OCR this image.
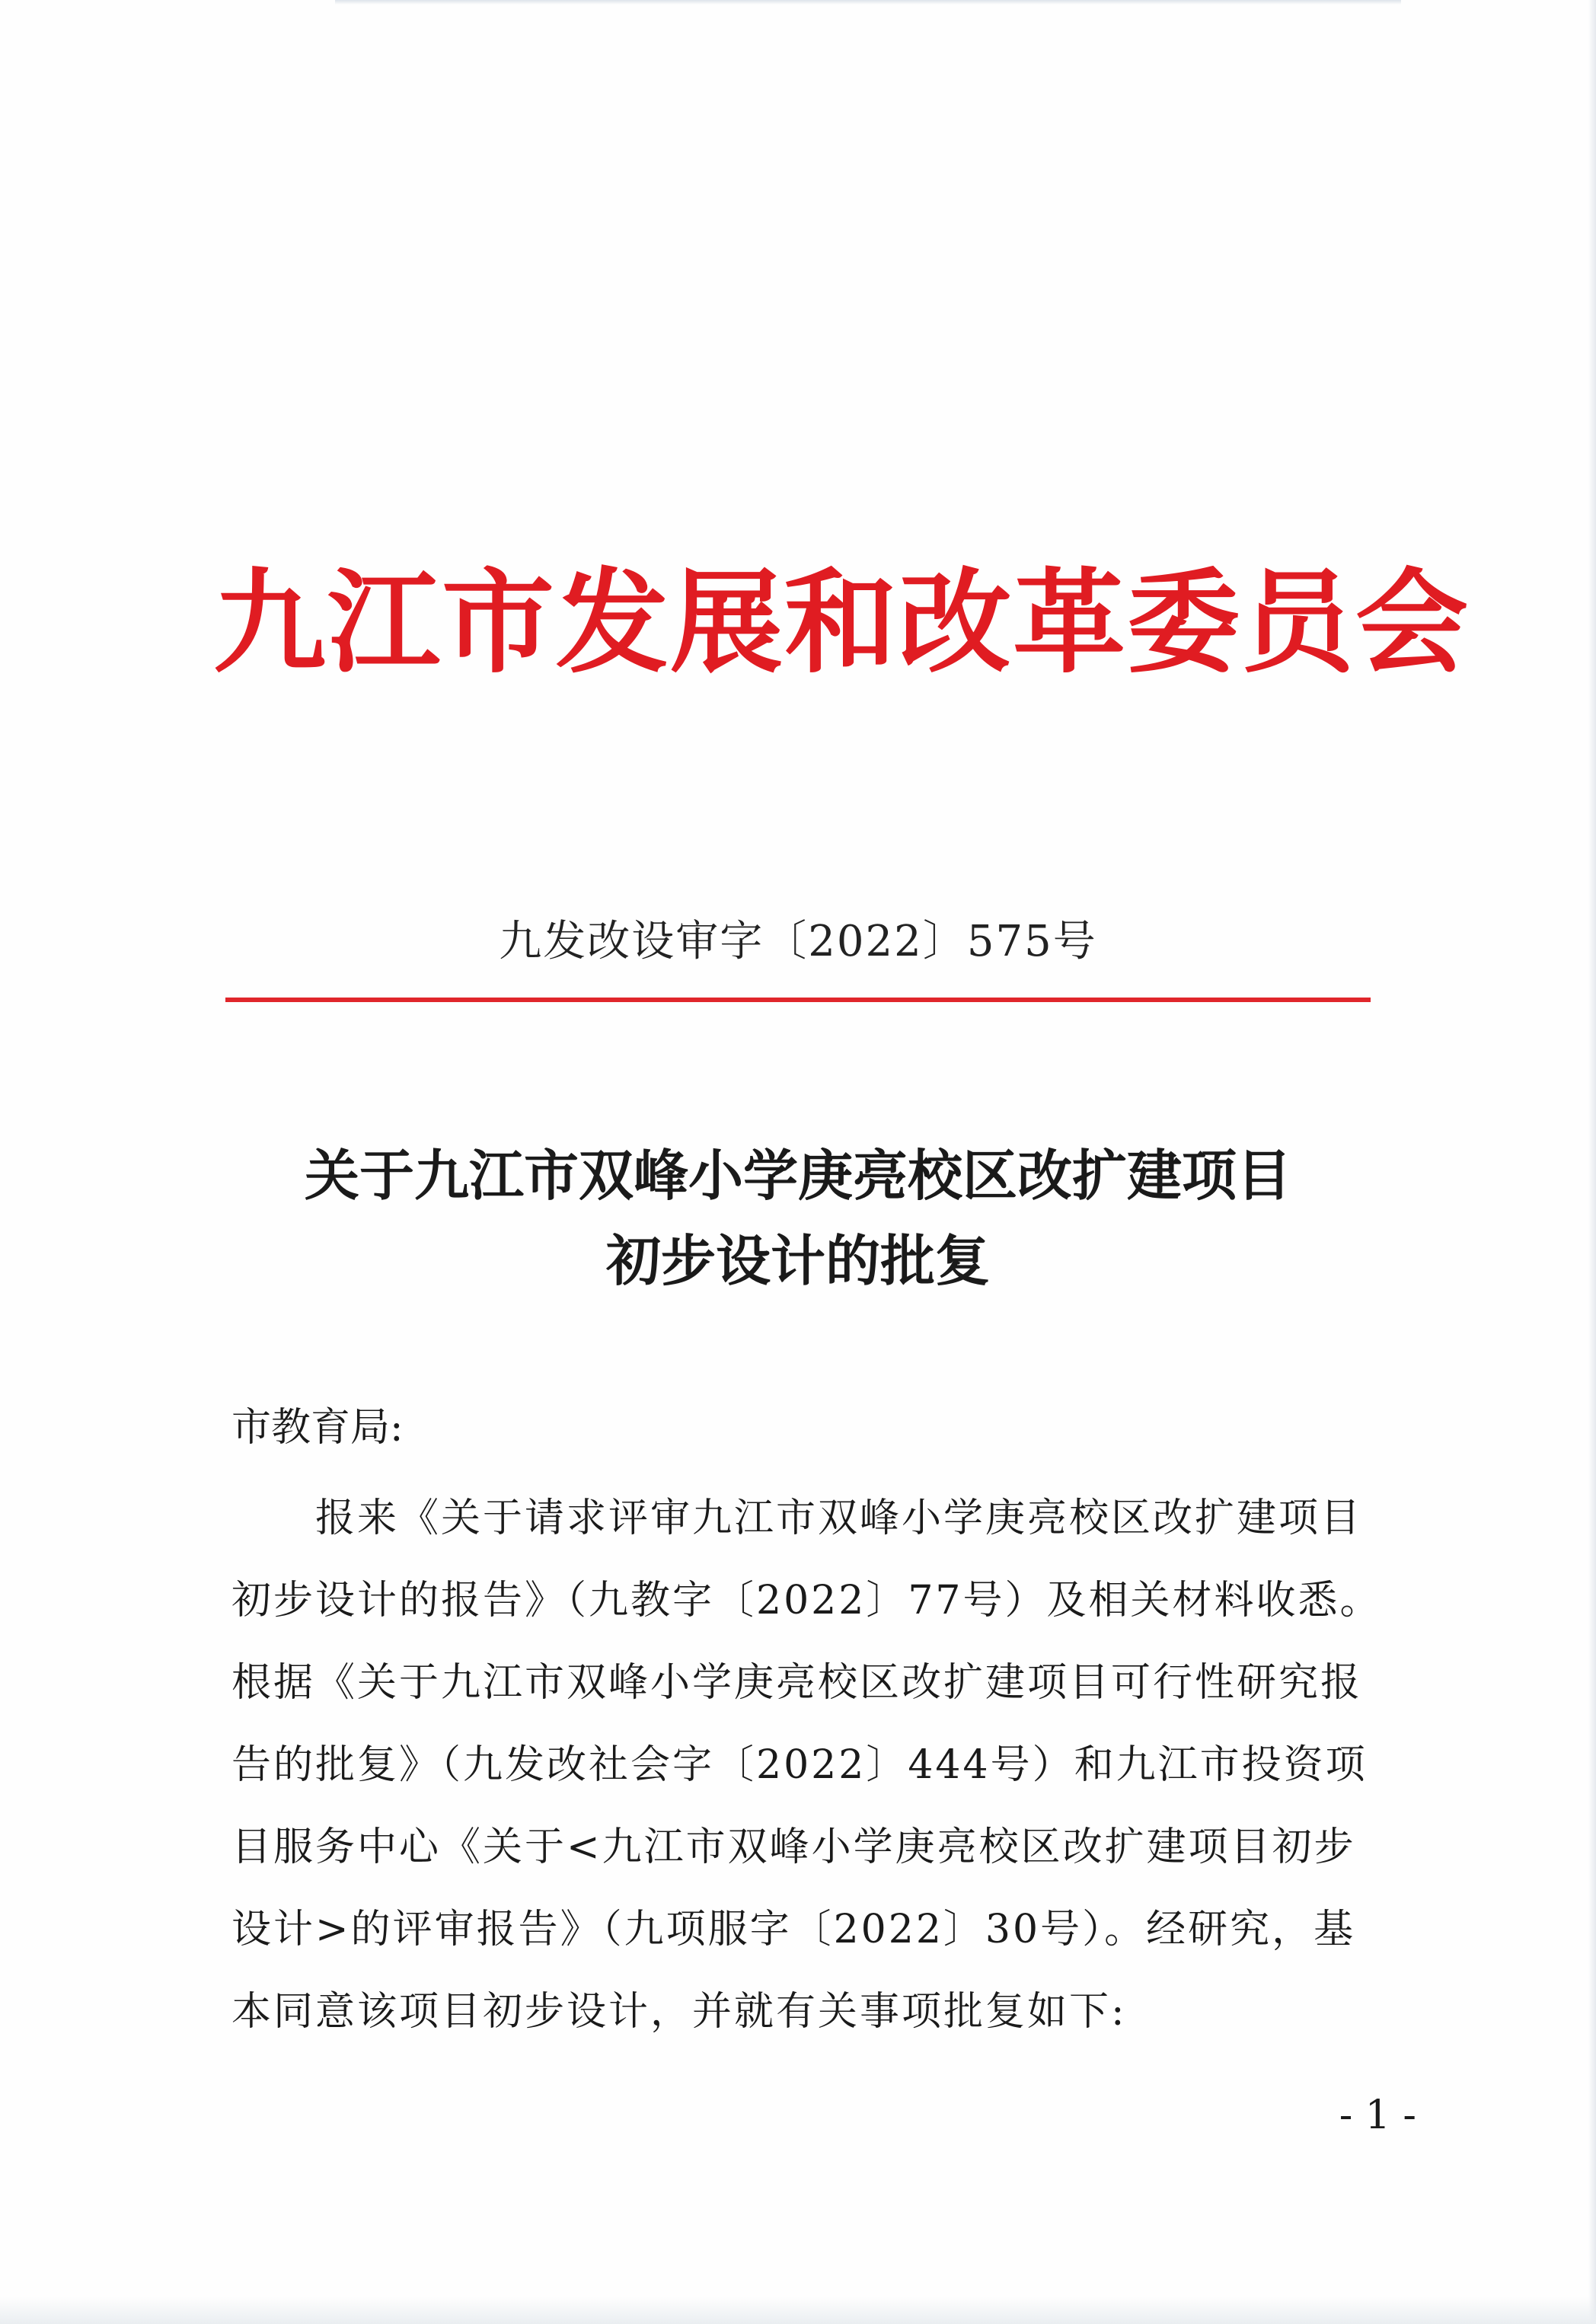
九江市发展和改革委员会
九发改设审字〔2022〕575号
关于九江市双峰小学庚亮校区改扩建项目
初步设计的批复
市教育局:
报来《关于请求评审九江市双峰小学庚亮校区改扩建项目
初步设计的报告》（九教字〔2022〕77号）及相关材料收悉。
根据《关于九江市双峰小学庚亮校区改扩建项目可行性研究报
告的批复》（九发改社会字〔2022〕444号）和九江市投资项
目服务中心《关于<九江市双峰小学庚亮校区改扩建项目初步
设计>的评审报告》（九项服字〔2022〕30号）。经研究，基
本同意该项目初步设计，并就有关事项批复如下:
- 1 -
